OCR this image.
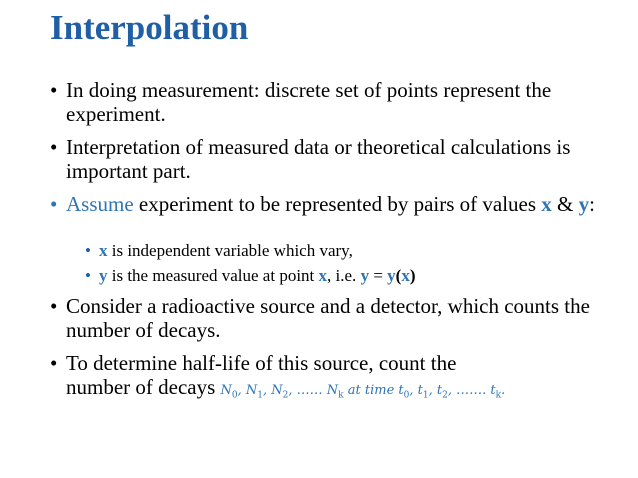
Interpolation
• In doing measurement: discrete set of points represent the experiment.
• Interpretation of measured data or theoretical calculations is important part.
• Assume experiment to be represented by pairs of values x & y:
• x is independent variable which vary,
• y is the measured value at point x, i.e. y = y(x)
• Consider a radioactive source and a detector, which counts the number of decays.
• To determine half-life of this source, count the
number of decays $N_0$, $N_1$, $N_2$, …… $N_k$ at time $t_0$, $t_1$, $t_2$, ……. $t_k$.
